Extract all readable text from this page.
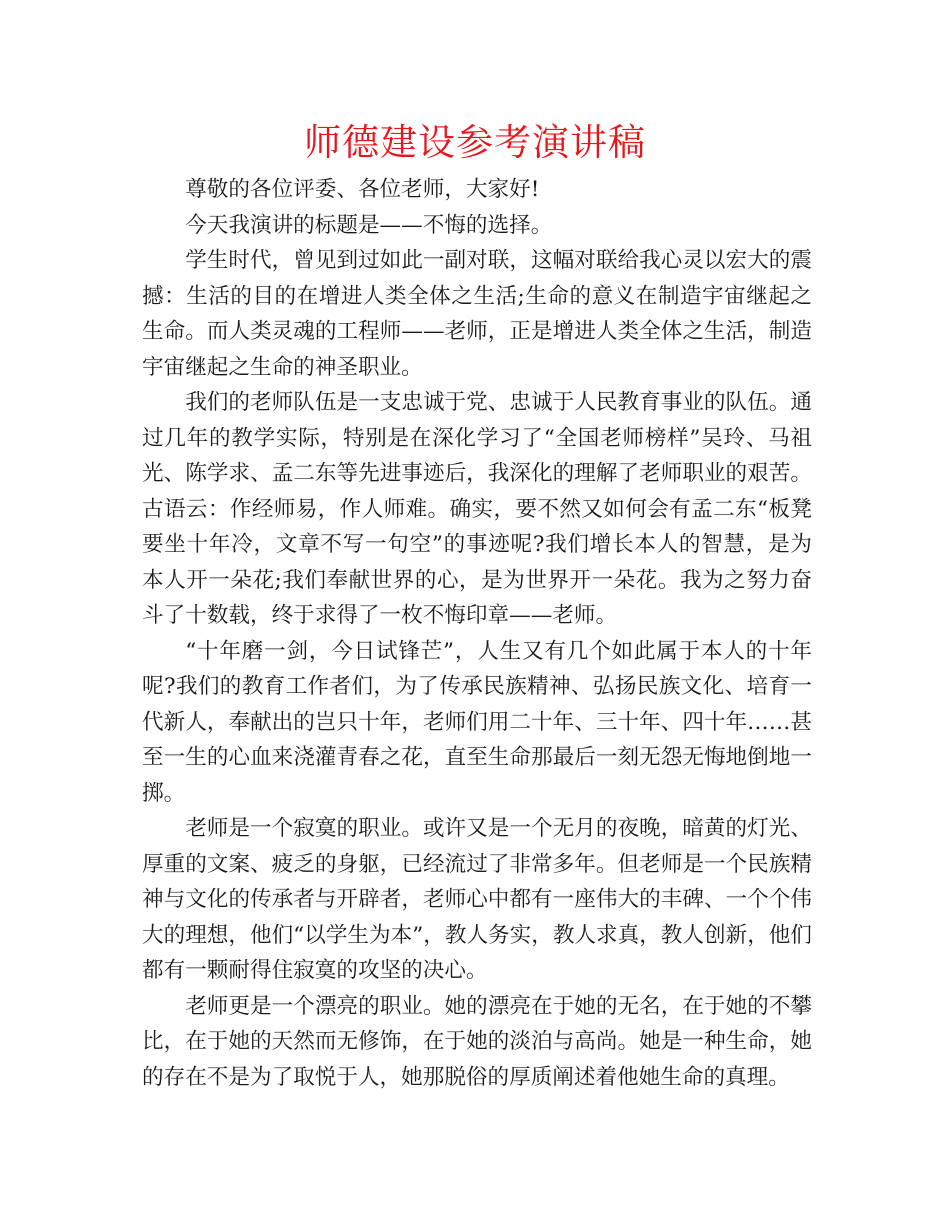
师德建设参考演讲稿

尊敬的各位评委、各位老师，大家好!

今天我演讲的标题是——不悔的选择。

学生时代，曾见到过如此一副对联，这幅对联给我心灵以宏大的震撼：生活的目的在增进人类全体之生活;生命的意义在制造宇宙继起之生命。而人类灵魂的工程师——老师，正是增进人类全体之生活，制造宇宙继起之生命的神圣职业。

我们的老师队伍是一支忠诚于党、忠诚于人民教育事业的队伍。通过几年的教学实际，特别是在深化学习了“全国老师榜样”吴玲、马祖光、陈学求、孟二东等先进事迹后，我深化的理解了老师职业的艰苦。古语云：作经师易，作人师难。确实，要不然又如何会有孟二东“板凳要坐十年冷，文章不写一句空”的事迹呢?我们增长本人的智慧，是为本人开一朵花;我们奉献世界的心，是为世界开一朵花。我为之努力奋斗了十数载，终于求得了一枚不悔印章——老师。

“十年磨一剑，今日试锋芒”，人生又有几个如此属于本人的十年呢?我们的教育工作者们，为了传承民族精神、弘扬民族文化、培育一代新人，奉献出的岂只十年，老师们用二十年、三十年、四十年……甚至一生的心血来浇灌青春之花，直至生命那最后一刻无怨无悔地倒地一掷。

老师是一个寂寞的职业。或许又是一个无月的夜晚，暗黄的灯光、厚重的文案、疲乏的身躯，已经流过了非常多年。但老师是一个民族精神与文化的传承者与开辟者，老师心中都有一座伟大的丰碑、一个个伟大的理想，他们“以学生为本”，教人务实，教人求真，教人创新，他们都有一颗耐得住寂寞的攻坚的决心。

老师更是一个漂亮的职业。她的漂亮在于她的无名，在于她的不攀比，在于她的天然而无修饰，在于她的淡泊与高尚。她是一种生命，她的存在不是为了取悦于人，她那脱俗的厚质阐述着他她生命的真理。
